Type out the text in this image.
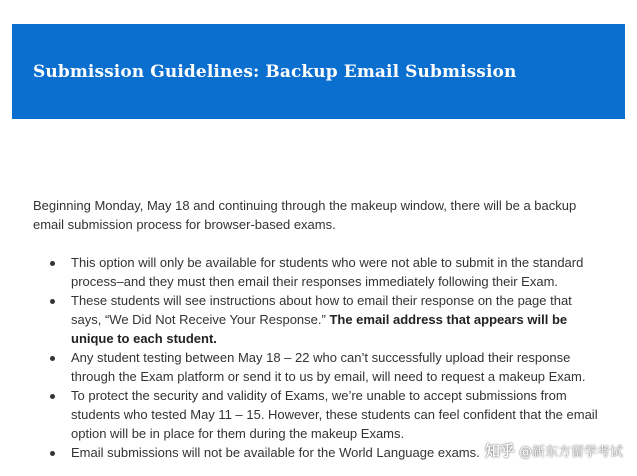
Submission Guidelines: Backup Email Submission

Beginning Monday, May 18 and continuing through the makeup window, there will be a backup email submission process for browser-based exams.

This option will only be available for students who were not able to submit in the standard process–and they must then email their responses immediately following their Exam.
These students will see instructions about how to email their response on the page that says, “We Did Not Receive Your Response.” The email address that appears will be unique to each student.
Any student testing between May 18 – 22 who can’t successfully upload their response through the Exam platform or send it to us by email, will need to request a makeup Exam.
To protect the security and validity of Exams, we’re unable to accept submissions from students who tested May 11 – 15. However, these students can feel confident that the email option will be in place for them during the makeup Exams.
Email submissions will not be available for the World Language exams. 知乎 @新东方留学考试
